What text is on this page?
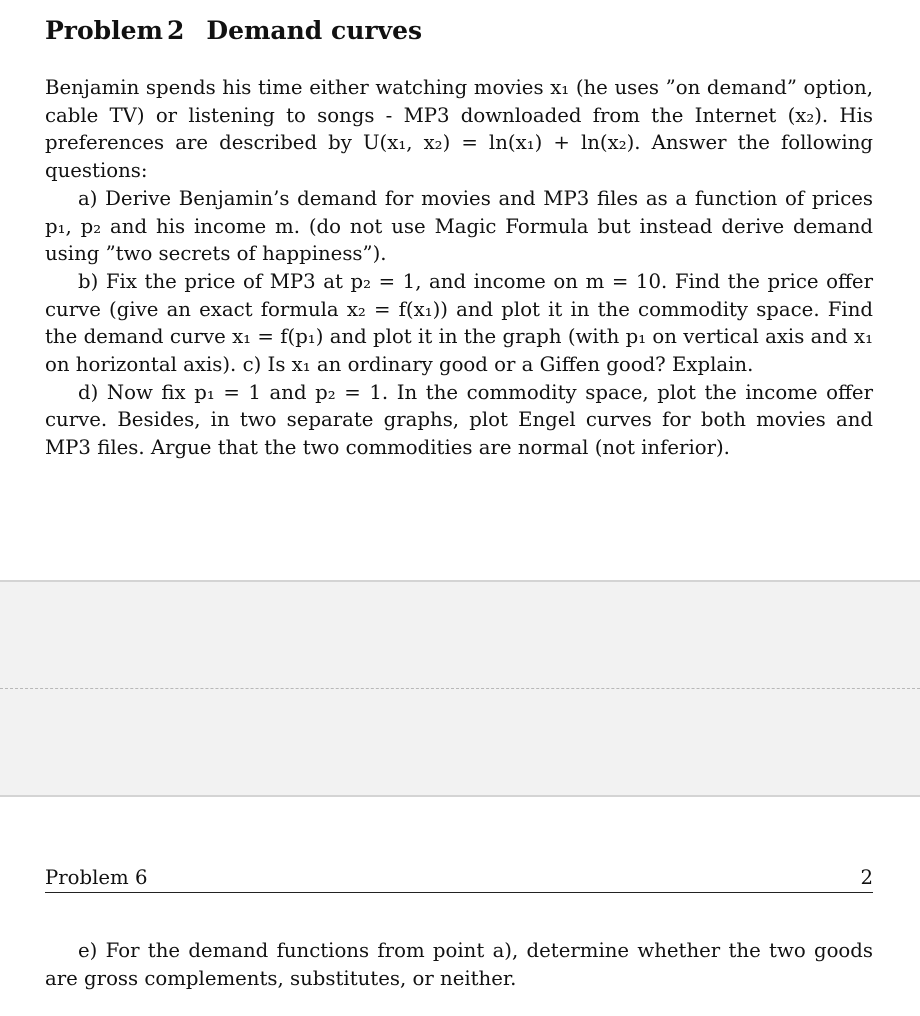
Problem 2 Demand curves

Benjamin spends his time either watching movies x₁ (he uses ”on demand” option, cable TV) or listening to songs - MP3 downloaded from the Internet (x₂). His preferences are described by U(x₁, x₂) = ln(x₁) + ln(x₂). Answer the following questions:

a) Derive Benjamin’s demand for movies and MP3 files as a function of prices p₁, p₂ and his income m. (do not use Magic Formula but instead derive demand using ”two secrets of happiness”).

b) Fix the price of MP3 at p₂ = 1, and income on m = 10. Find the price offer curve (give an exact formula x₂ = f(x₁)) and plot it in the commodity space. Find the demand curve x₁ = f(p₁) and plot it in the graph (with p₁ on vertical axis and x₁ on horizontal axis). c) Is x₁ an ordinary good or a Giffen good? Explain.

d) Now fix p₁ = 1 and p₂ = 1. In the commodity space, plot the income offer curve. Besides, in two separate graphs, plot Engel curves for both movies and MP3 files. Argue that the two commodities are normal (not inferior).

Problem 6	2

e) For the demand functions from point a), determine whether the two goods are gross complements, substitutes, or neither.
